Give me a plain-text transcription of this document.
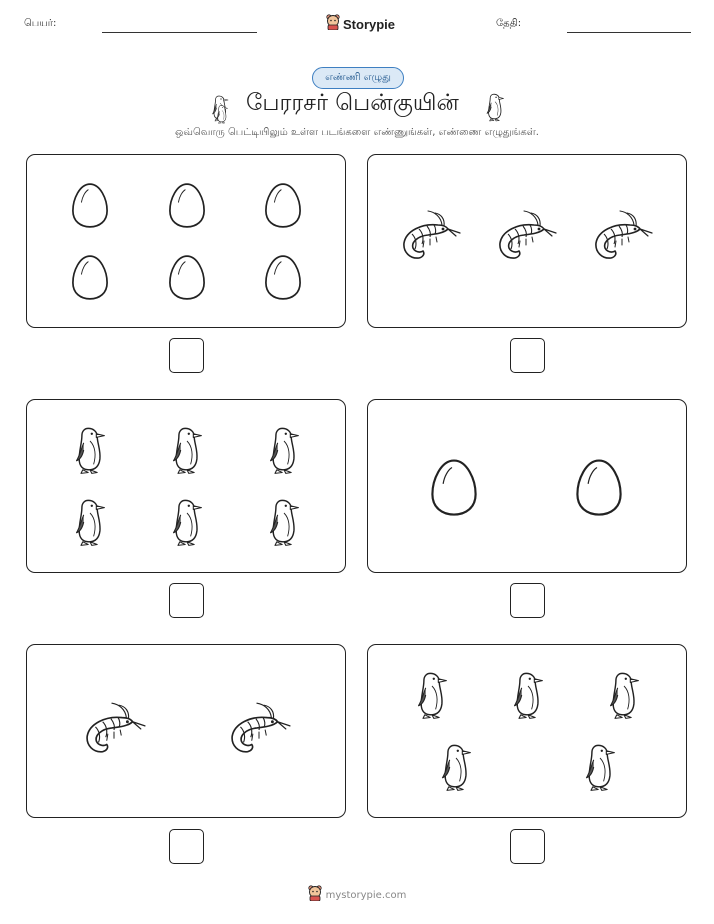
பெயர்:	Storypie	தேதி:
எண்ணி எழுது
பேரரசர் பென்குயின்
ஒவ்வொரு பெட்டியிலும் உள்ள படங்களை எண்ணுங்கள், எண்ணை எழுதுங்கள்.
mystorypie.com
